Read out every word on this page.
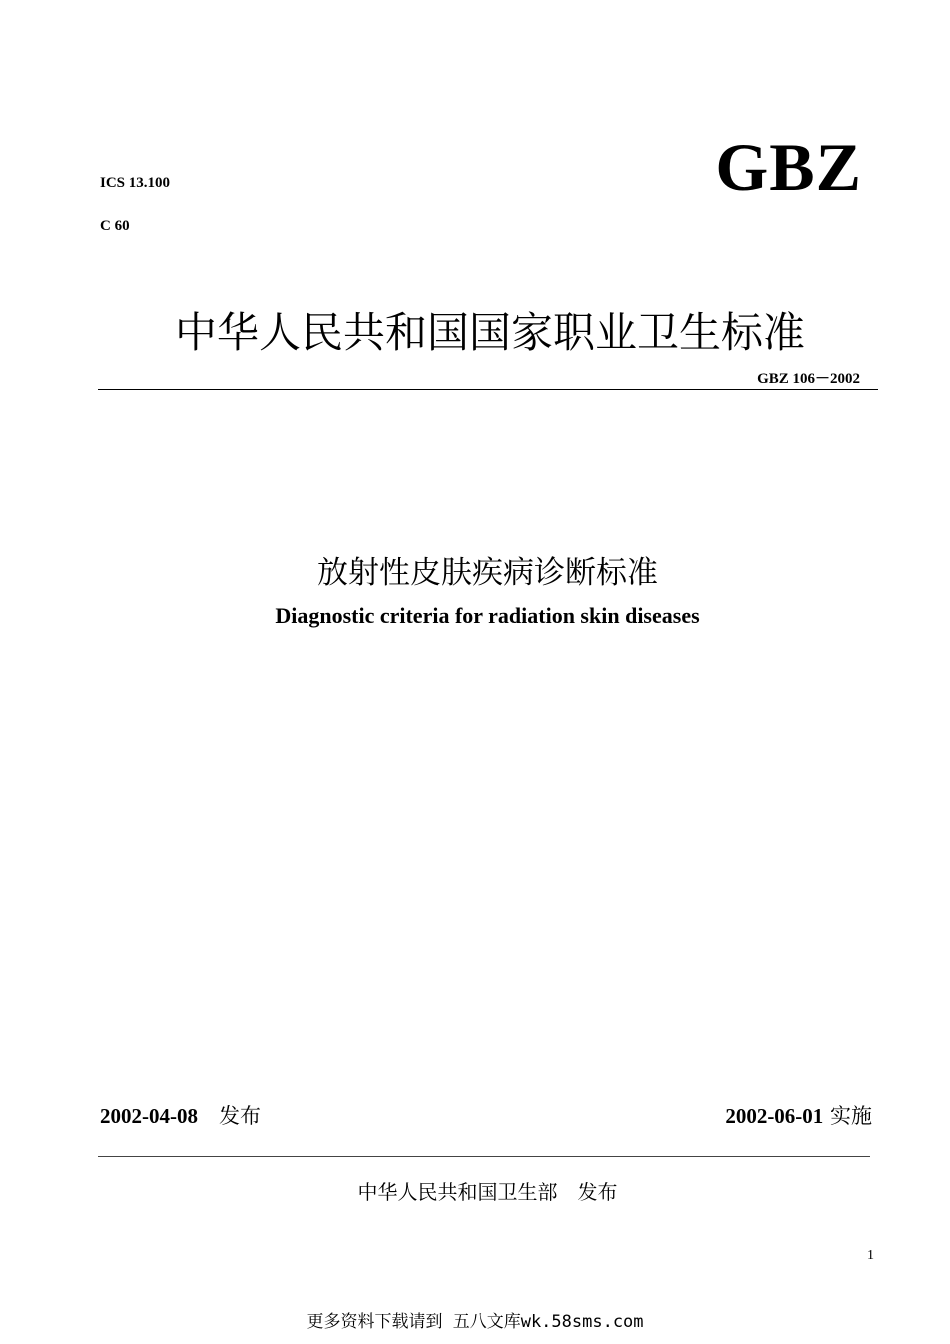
ICS 13.100
C 60
GBZ
中华人民共和国国家职业卫生标准
GBZ 106－2002
放射性皮肤疾病诊断标准
Diagnostic criteria for radiation skin diseases
2002-04-08　 发布	2002-06-01 实施
中华人民共和国卫生部　发布
1
更多资料下载请到 五八文库wk.58sms.com
